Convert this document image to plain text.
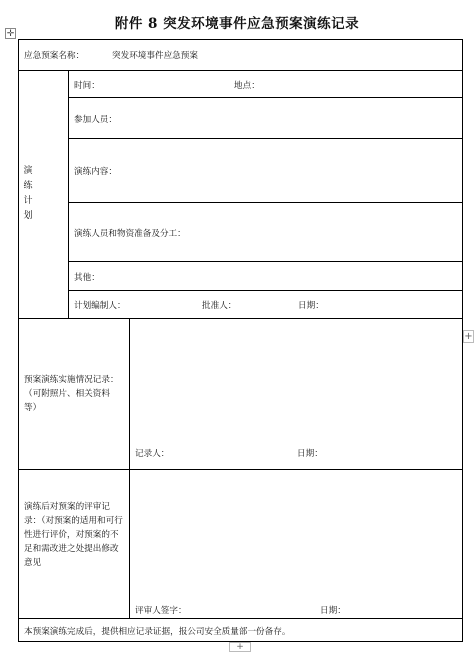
附件 8 突发环境事件应急预案演练记录
✛
应急预案名称：	突发环境事件应急预案
演练计划
时间：	地点：
参加人员：
演练内容：
演练人员和物资准备及分工：
其他：
计划编制人：	批准人：	日期：
预案演练实施情况记录：（可附照片、相关资料等）
记录人：	日期：
演练后对预案的评审记录：（对预案的适用和可行性进行评价，对预案的不足和需改进之处提出修改意见
评审人签字：	日期：
本预案演练完成后，提供相应记录证据，报公司安全质量部一份备存。
+
+
